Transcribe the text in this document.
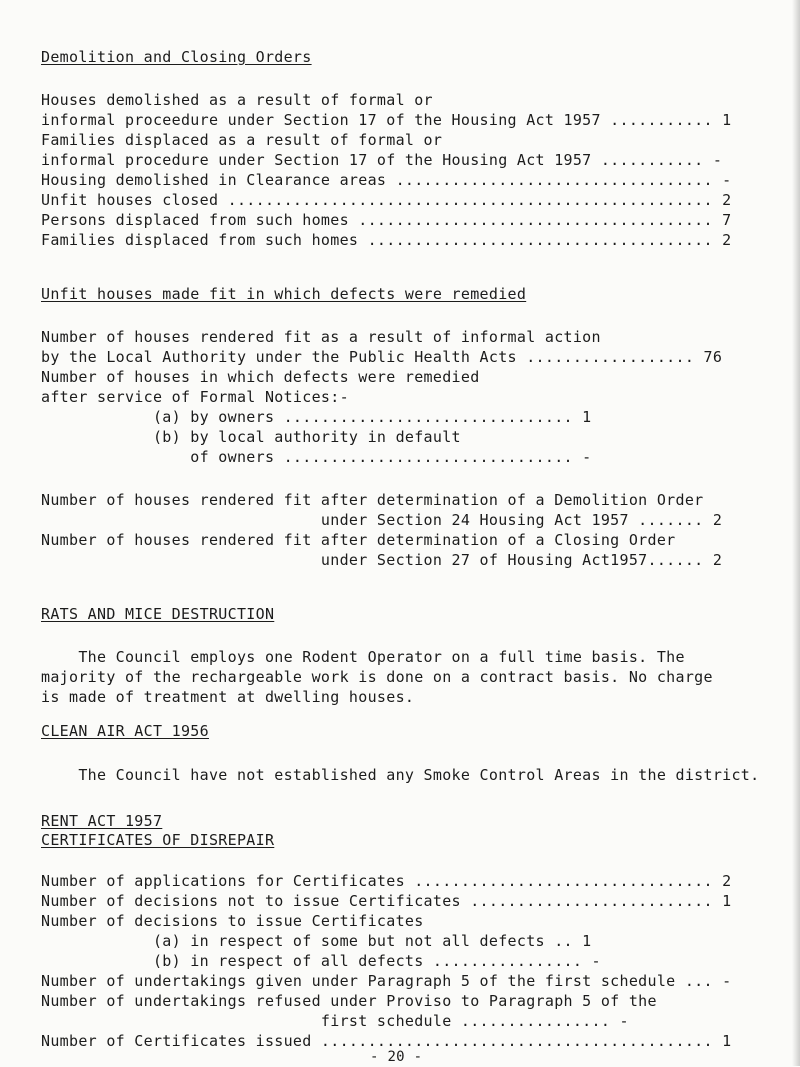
Demolition and Closing Orders
Houses demolished as a result of formal or
informal proceedure under Section 17 of the Housing Act 1957 ........... 1
Families displaced as a result of formal or
informal procedure under Section 17 of the Housing Act 1957 ........... -
Housing demolished in Clearance areas .................................. -
Unfit houses closed .................................................... 2
Persons displaced from such homes ...................................... 7
Families displaced from such homes ..................................... 2
Unfit houses made fit in which defects were remedied
Number of houses rendered fit as a result of informal action
by the Local Authority under the Public Health Acts .................. 76
Number of houses in which defects were remedied
after service of Formal Notices:-
(a) by owners ............................... 1
(b) by local authority in default
of owners ............................... -
Number of houses rendered fit after determination of a Demolition Order
under Section 24 Housing Act 1957 ....... 2
Number of houses rendered fit after determination of a Closing Order
under Section 27 of Housing Act1957...... 2
RATS AND MICE DESTRUCTION
The Council employs one Rodent Operator on a full time basis. The
majority of the rechargeable work is done on a contract basis. No charge
is made of treatment at dwelling houses.
CLEAN AIR ACT 1956
The Council have not established any Smoke Control Areas in the district.
RENT ACT 1957
CERTIFICATES OF DISREPAIR
Number of applications for Certificates ................................ 2
Number of decisions not to issue Certificates .......................... 1
Number of decisions to issue Certificates
(a) in respect of some but not all defects .. 1
(b) in respect of all defects ................ -
Number of undertakings given under Paragraph 5 of the first schedule ... -
Number of undertakings refused under Proviso to Paragraph 5 of the
first schedule ................ -
Number of Certificates issued .......................................... 1
- 20 -
